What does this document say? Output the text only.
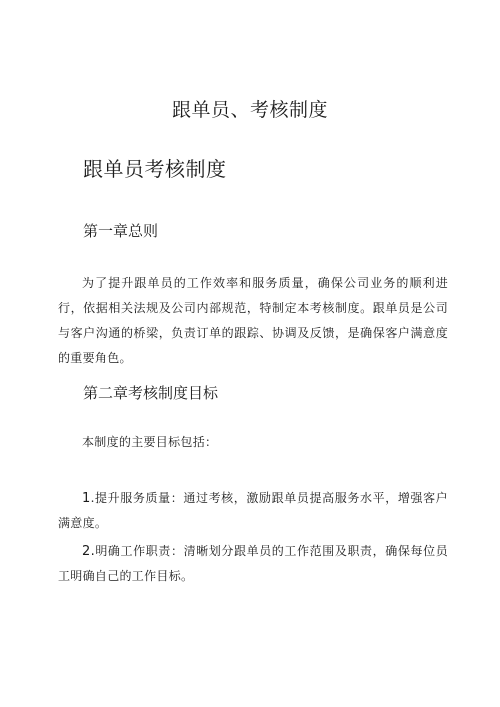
跟单员、考核制度
跟单员考核制度
第一章总则
为了提升跟单员的工作效率和服务质量，确保公司业务的顺利进行，依据相关法规及公司内部规范，特制定本考核制度。跟单员是公司与客户沟通的桥梁，负责订单的跟踪、协调及反馈，是确保客户满意度的重要角色。
第二章考核制度目标
本制度的主要目标包括：
1.提升服务质量：通过考核，激励跟单员提高服务水平，增强客户满意度。
2.明确工作职责：清晰划分跟单员的工作范围及职责，确保每位员工明确自己的工作目标。
